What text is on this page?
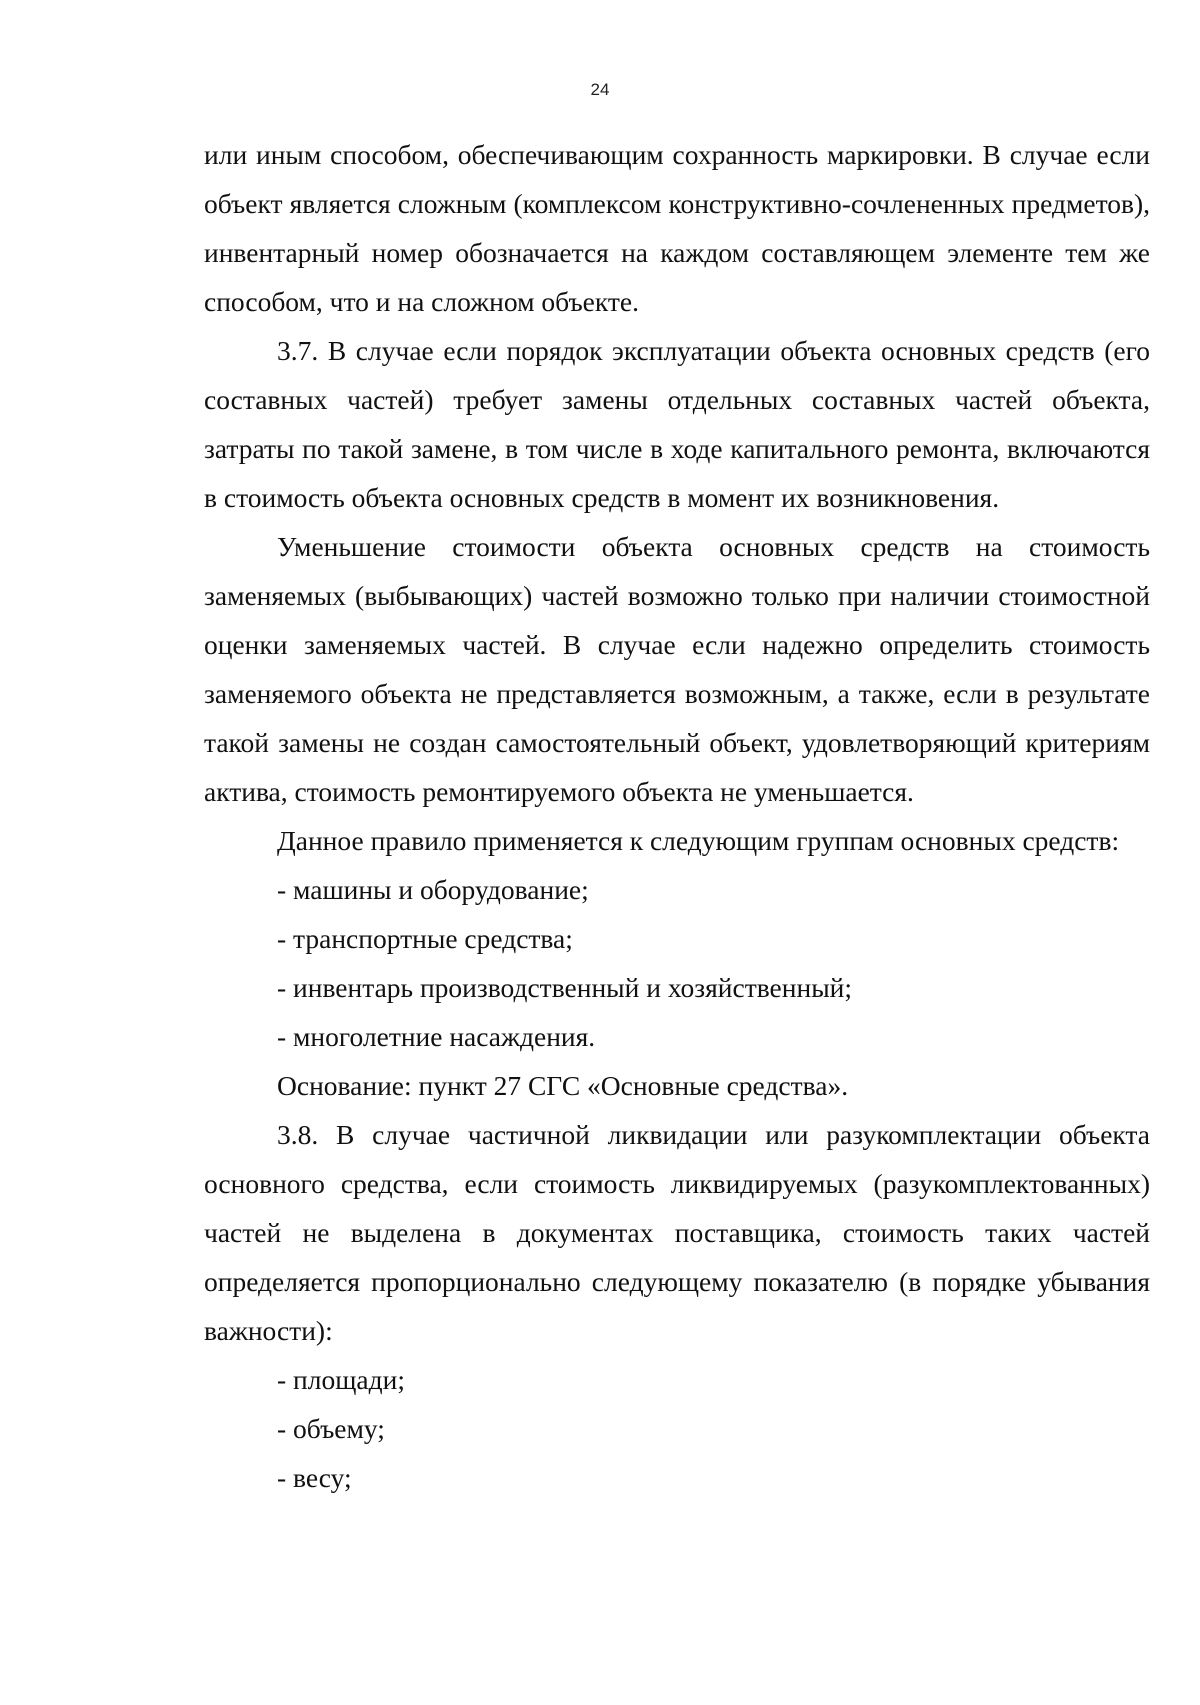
24

или иным способом, обеспечивающим сохранность маркировки. В случае если объект является сложным (комплексом конструктивно-сочлененных предметов), инвентарный номер обозначается на каждом составляющем элементе тем же способом, что и на сложном объекте.

3.7. В случае если порядок эксплуатации объекта основных средств (его составных частей) требует замены отдельных составных частей объекта, затраты по такой замене, в том числе в ходе капитального ремонта, включаются в стоимость объекта основных средств в момент их возникновения.

Уменьшение стоимости объекта основных средств на стоимость заменяемых (выбывающих) частей возможно только при наличии стоимостной оценки заменяемых частей. В случае если надежно определить стоимость заменяемого объекта не представляется возможным, а также, если в результате такой замены не создан самостоятельный объект, удовлетворяющий критериям актива, стоимость ремонтируемого объекта не уменьшается.

Данное правило применяется к следующим группам основных средств:

- машины и оборудование;

- транспортные средства;

- инвентарь производственный и хозяйственный;

- многолетние насаждения.

Основание: пункт 27 СГС «Основные средства».

3.8. В случае частичной ликвидации или разукомплектации объекта основного средства, если стоимость ликвидируемых (разукомплектованных) частей не выделена в документах поставщика, стоимость таких частей определяется пропорционально следующему показателю (в порядке убывания важности):

- площади;

- объему;

- весу;
